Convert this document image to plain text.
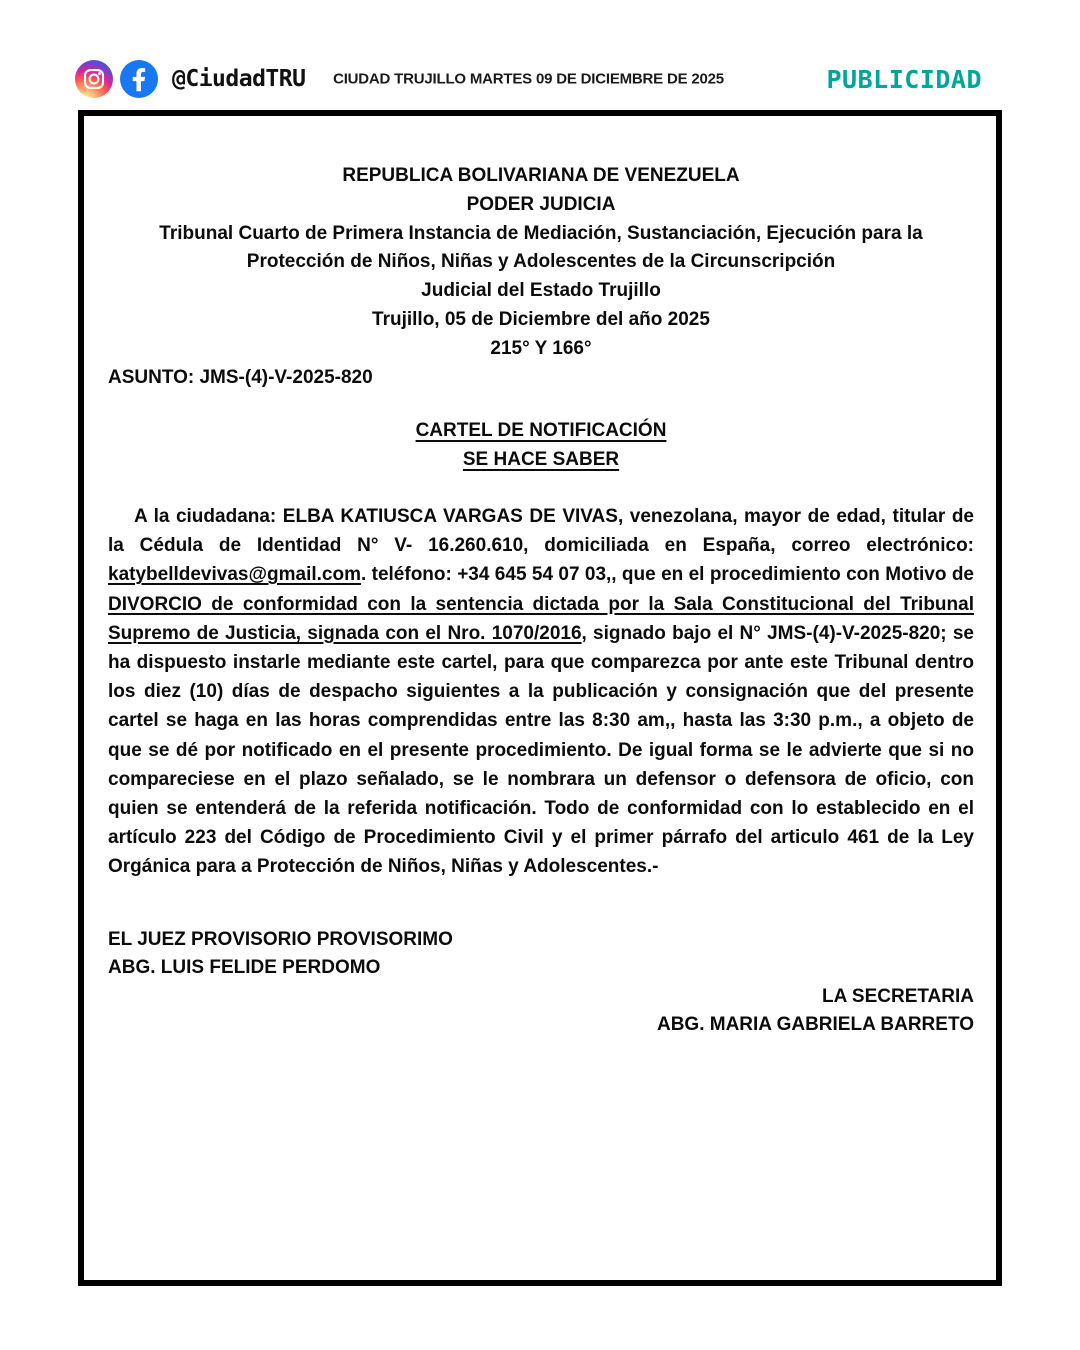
@CiudadTRU CIUDAD TRUJILLO MARTES 09 DE DICIEMBRE DE 2025	PUBLICIDAD
REPUBLICA BOLIVARIANA DE VENEZUELA
PODER JUDICIA
Tribunal Cuarto de Primera Instancia de Mediación, Sustanciación, Ejecución para la
Protección de Niños, Niñas y Adolescentes de la Circunscripción
Judicial del Estado Trujillo
Trujillo, 05 de Diciembre del año 2025
215° Y 166°
ASUNTO: JMS-(4)-V-2025-820
CARTEL DE NOTIFICACIÓN
SE HACE SABER

A la ciudadana: ELBA KATIUSCA VARGAS DE VIVAS, venezolana, mayor de edad, titular de la Cédula de Identidad N° V- 16.260.610, domiciliada en España, correo electrónico: katybelldevivas@gmail.com. teléfono: +34 645 54 07 03,, que en el procedimiento con Motivo de DIVORCIO de conformidad con la sentencia dictada por la Sala Constitucional del Tribunal Supremo de Justicia, signada con el Nro. 1070/2016, signado bajo el N° JMS-(4)-V-2025-820; se ha dispuesto instarle mediante este cartel, para que comparezca por ante este Tribunal dentro los diez (10) días de despacho siguientes a la publicación y consignación que del presente cartel se haga en las horas comprendidas entre las 8:30 am,, hasta las 3:30 p.m., a objeto de que se dé por notificado en el presente procedimiento. De igual forma se le advierte que si no compareciese en el plazo señalado, se le nombrara un defensor o defensora de oficio, con quien se entenderá de la referida notificación. Todo de conformidad con lo establecido en el artículo 223 del Código de Procedimiento Civil y el primer párrafo del articulo 461 de la Ley Orgánica para a Protección de Niños, Niñas y Adolescentes.-

EL JUEZ PROVISORIO PROVISORIMO
ABG. LUIS FELIDE PERDOMO
LA SECRETARIA
ABG. MARIA GABRIELA BARRETO
